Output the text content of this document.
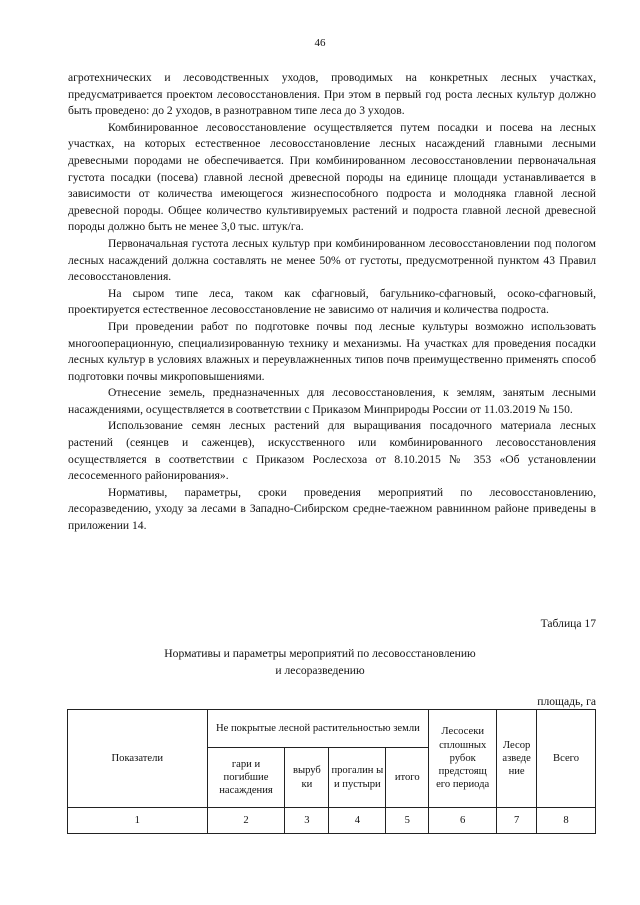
46

агротехнических и лесоводственных уходов, проводимых на конкретных лесных участках, предусматривается проектом лесовосстановления. При этом в первый год роста лесных культур должно быть проведено: до 2 уходов, в разнотравном типе леса до 3 уходов.

Комбинированное лесовосстановление осуществляется путем посадки и посева на лесных участках, на которых естественное лесовосстановление лесных насаждений главными лесными древесными породами не обеспечивается. При комбинированном лесовосстановлении первоначальная густота посадки (посева) главной лесной древесной породы на единице площади устанавливается в зависимости от количества имеющегося жизнеспособного подроста и молодняка главной лесной древесной породы. Общее количество культивируемых растений и подроста главной лесной древесной породы должно быть не менее 3,0 тыс. штук/га.

Первоначальная густота лесных культур при комбинированном лесовосстановлении под пологом лесных насаждений должна составлять не менее 50% от густоты, предусмотренной пунктом 43 Правил лесовосстановления.

На сыром типе леса, таком как сфагновый, багульнико-сфагновый, осоко-сфагновый, проектируется естественное лесовосстановление не зависимо от наличия и количества подроста.

При проведении работ по подготовке почвы под лесные культуры возможно использовать многооперационную, специализированную технику и механизмы. На участках для проведения посадки лесных культур в условиях влажных и переувлажненных типов почв преимущественно применять способ подготовки почвы микроповышениями.

Отнесение земель, предназначенных для лесовосстановления, к землям, занятым лесными насаждениями, осуществляется в соответствии с Приказом Минприроды России от 11.03.2019 № 150.

Использование семян лесных растений для выращивания посадочного материала лесных растений (сеянцев и саженцев), искусственного или комбинированного лесовосстановления осуществляется в соответствии с Приказом Рослесхоза от 8.10.2015 № 353 «Об установлении лесосеменного районирования».

Нормативы, параметры, сроки проведения мероприятий по лесовосстановлению, лесоразведению, уходу за лесами в Западно-Сибирском средне-таежном равнинном районе приведены в приложении 14.

Таблица 17
Нормативы и параметры мероприятий по лесовосстановлению
и лесоразведению
площадь, га
Показатели	Не покрытые лесной растительностью земли				Лесосеки сплошных рубок предстоящ его периода	Лесор азведе ние	Всего
	гари и погибшие насаждения	выруб ки	прогалин ы и пустыри	итого			
1	2	3	4	5	6	7	8
